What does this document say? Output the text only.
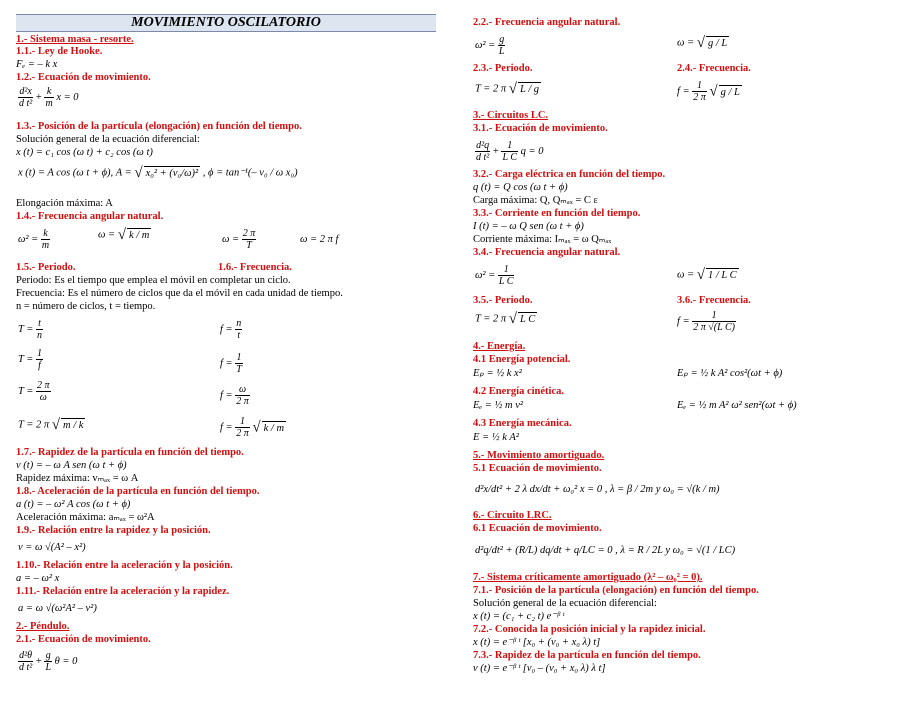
MOVIMIENTO OSCILATORIO
$\frac{\text{d²x}}{\text{d t²}} + \frac{k}{m}$ x = 0
x (t) = A cos (ω t + ϕ), A = √ x₀² + (v₀/ω)² , ϕ = tan⁻¹(– v₀ / ω x₀)
$\omega^2 = \frac{k}{m}$	ω = √ k / m	$\omega = \frac{2 \pi}{T}$	ω = 2 π f
$T = \frac{t}{n}$	$f = \frac{n}{t}$
$T = \frac{1}{f}$	$f = \frac{1}{T}$
$T = \frac{2 \pi}{\omega}$	$f = \frac{\omega}{2 \pi}$
T = 2 π √ m / k	$f = \frac{1}{2 \pi}$ √ k / m
v = ω √(A² – x²)
a = ω √(ω²A² – v²)
$\frac{\text{d²θ}}{\text{d t²}} + \frac{g}{L}$ θ = 0
1.- Sistema masa - resorte.
1.1.- Ley de Hooke.
Fₑ = – k x
1.2.- Ecuación de movimiento.
1.3.- Posición de la partícula (elongación) en función del tiempo.
Solución general de la ecuación diferencial:
x (t) = c₁ cos (ω t) + c₂ cos (ω t)
Elongación máxima: A
1.4.- Frecuencia angular natural.
1.5.- Periodo.	1.6.- Frecuencia.
Periodo: Es el tiempo que emplea el móvil en completar un ciclo.
Frecuencia: Es el número de ciclos que da el móvil en cada unidad de tiempo.
n = número de ciclos, t = tiempo.
1.7.- Rapidez de la partícula en función del tiempo.
v (t) = – ω A sen (ω t + ϕ)
Rapidez máxima: vₘₐₓ = ω A
1.8.- Aceleración de la partícula en función del tiempo.
a (t) = – ω² A cos (ω t + ϕ)
Aceleración máxima: aₘₐₓ = ω²A
1.9.- Relación entre la rapidez y la posición.
1.10.- Relación entre la aceleración y la posición.
a = – ω² x
1.11.- Relación entre la aceleración y la rapidez.
2.- Péndulo.
2.1.- Ecuación de movimiento.
$\omega^2 = \frac{g}{L}$	ω = √ g / L
T = 2 π √ L / g	$f = \frac{1}{2 \pi}$ √ g / L
$\frac{\text{d²q}}{\text{d t²}} + \frac{1}{\text{L C}}$ q = 0
$\omega^2 = \frac{1}{\text{L C}}$	ω = √ 1 / L C
T = 2 π √ L C	$f = \frac{1}{\text{2 π √(L C)}}$
d²x/dt² + 2 λ dx/dt + ω₀² x = 0 , λ = β / 2m y ω₀ = √(k / m)
d²q/dt² + (R/L) dq/dt + q/LC = 0 , λ = R / 2L y ω₀ = √(1 / LC)
2.2.- Frecuencia angular natural.
2.3.- Periodo.	2.4.- Frecuencia.
3.- Circuitos LC.
3.1.- Ecuación de movimiento.
3.2.- Carga eléctrica en función del tiempo.
q (t) = Q cos (ω t + ϕ)
Carga máxima: Q, Qₘₐₓ = C ε
3.3.- Corriente en función del tiempo.
I (t) = – ω Q sen (ω t + ϕ)
Corriente máxima: Iₘₐₓ = ω Qₘₐₓ
3.4.- Frecuencia angular natural.
3.5.- Periodo.	3.6.- Frecuencia.
4.- Energía.
4.1 Energía potencial.
Eₚ = ½ k x²	Eₚ = ½ k A² cos²(ωt + ϕ)
4.2 Energía cinética.
Eₑ = ½ m v²	Eₑ = ½ m A² ω² sen²(ωt + ϕ)
4.3 Energía mecánica.
E = ½ k A²
5.- Movimiento amortiguado.
5.1 Ecuación de movimiento.
6.- Circuito LRC.
6.1 Ecuación de movimiento.
7.- Sistema críticamente amortiguado (λ² – ω₀² = 0).
7.1.- Posición de la partícula (elongación) en función del tiempo.
Solución general de la ecuación diferencial:
x (t) = (c₁ + c₂ t) e⁻ᵝ ᵗ
7.2.- Conocida la posición inicial y la rapidez inicial.
x (t) = e⁻ᵝ ᵗ [x₀ + (v₀ + x₀ λ) t]
7.3.- Rapidez de la partícula en función del tiempo.
v (t) = e⁻ᵝ ᵗ [v₀ – (v₀ + x₀ λ) λ t]
